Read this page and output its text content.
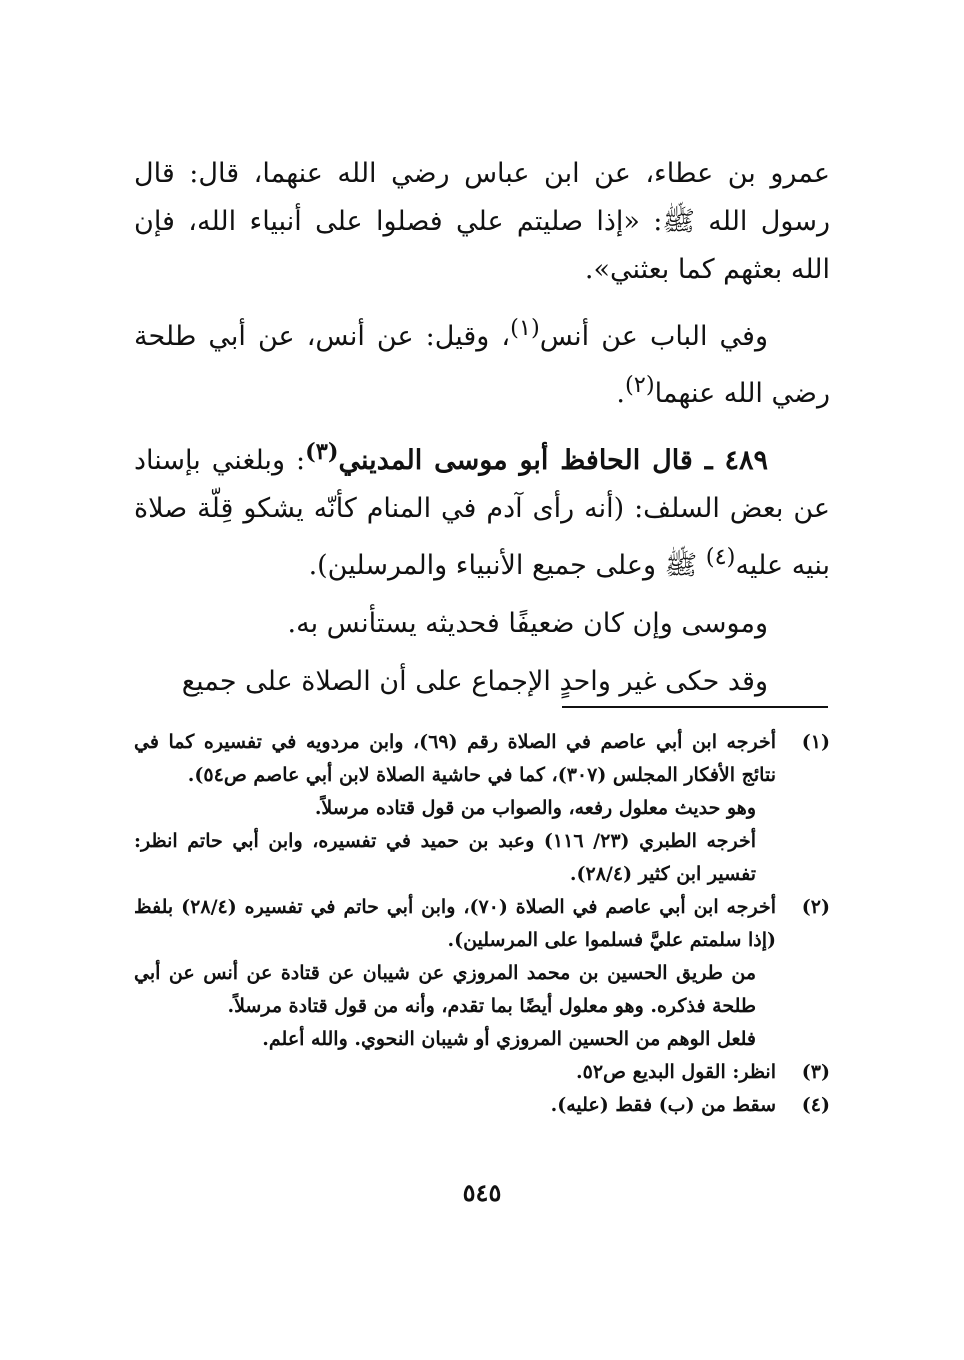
عمرو بن عطاء، عن ابن عباس رضي الله عنهما، قال: قال رسول الله ﷺ: «إذا صليتم علي فصلوا على أنبياء الله، فإن الله بعثهم كما بعثني».

وفي الباب عن أنس$^{(١)}$، وقيل: عن أنس، عن أبي طلحة رضي الله عنهما$^{(٢)}$.

٤٨٩ ـ قال الحافظ أبو موسى المديني$^{(٣)}$: وبلغني بإسناد عن بعض السلف: (أنه رأى آدم في المنام كأنّه يشكو قِلّة صلاة بنيه عليه$^{(٤)}$ ﷺ وعلى جميع الأنبياء والمرسلين).

وموسى وإن كان ضعيفًا فحديثه يستأنس به.

وقد حكى غير واحدٍ الإجماع على أن الصلاة على جميع

(١)
أخرجه ابن أبي عاصم في الصلاة رقم (٦٩)، وابن مردويه في تفسيره كما في نتائج الأفكار المجلس (٣٠٧)، كما في حاشية الصلاة لابن أبي عاصم ص٥٤).
وهو حديث معلول رفعه، والصواب من قول قتاده مرسلاً.
أخرجه الطبري (٢٣/ ١١٦) وعبد بن حميد في تفسيره، وابن أبي حاتم انظر: تفسير ابن كثير (٢٨/٤).
(٢)
أخرجه ابن أبي عاصم في الصلاة (٧٠)، وابن أبي حاتم في تفسيره (٢٨/٤) بلفظ (إذا سلمتم عليَّ فسلموا على المرسلين).
من طريق الحسين بن محمد المروزي عن شيبان عن قتادة عن أنس عن أبي طلحة فذكره. وهو معلول أيضًا بما تقدم، وأنه من قول قتادة مرسلاً.
فلعل الوهم من الحسين المروزي أو شيبان النحوي. والله أعلم.
(٣)
انظر: القول البديع ص٥٢.
(٤)
سقط من (ب) فقط (عليه).
٥٤٥
